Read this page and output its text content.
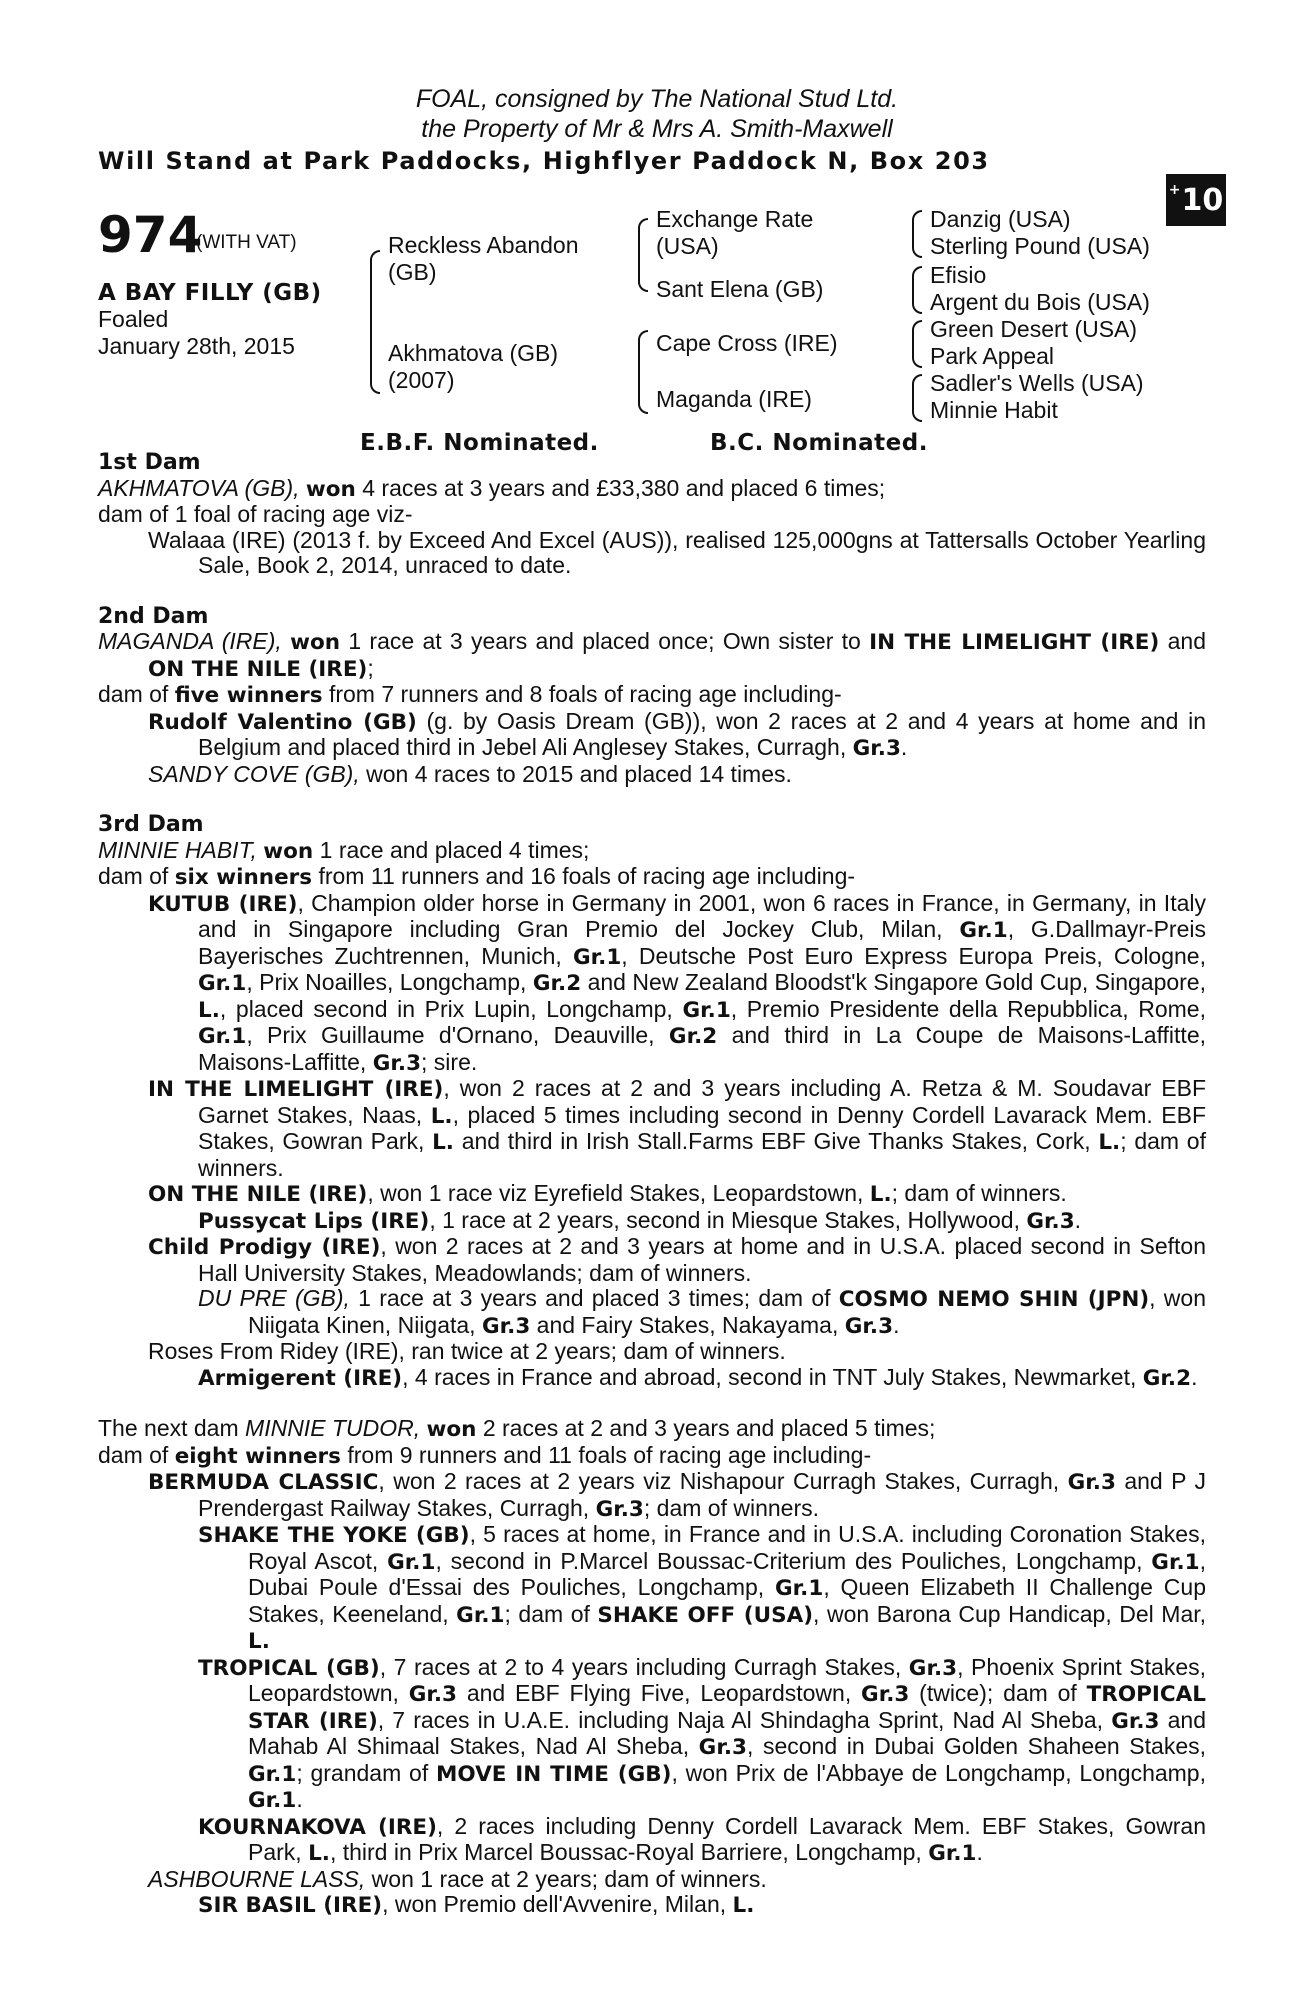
FOAL, consigned by The National Stud Ltd.
the Property of Mr & Mrs A. Smith-Maxwell
Will Stand at Park Paddocks, Highflyer Paddock N, Box 203
+ 10
974
(WITH VAT)
A BAY FILLY (GB)
Foaled
January 28th, 2015
Reckless Abandon
(GB)
Akhmatova (GB)
(2007)
Exchange Rate
(USA)
Sant Elena (GB)
Cape Cross (IRE)
Maganda (IRE)
Danzig (USA)
Sterling Pound (USA)
Efisio
Argent du Bois (USA)
Green Desert (USA)
Park Appeal
Sadler's Wells (USA)
Minnie Habit
E.B.F. Nominated.	B.C. Nominated.

1st Dam

AKHMATOVA (GB), won 4 races at 3 years and £33,380 and placed 6 times;

dam of 1 foal of racing age viz-

Walaaa (IRE) (2013 f. by Exceed And Excel (AUS)), realised 125,000gns at Tattersalls October Yearling Sale, Book 2, 2014, unraced to date.

2nd Dam

MAGANDA (IRE), won 1 race at 3 years and placed once; Own sister to IN THE LIMELIGHT (IRE) and ON THE NILE (IRE);

dam of five winners from 7 runners and 8 foals of racing age including-

Rudolf Valentino (GB) (g. by Oasis Dream (GB)), won 2 races at 2 and 4 years at home and in Belgium and placed third in Jebel Ali Anglesey Stakes, Curragh, Gr.3.

SANDY COVE (GB), won 4 races to 2015 and placed 14 times.

3rd Dam

MINNIE HABIT, won 1 race and placed 4 times;

dam of six winners from 11 runners and 16 foals of racing age including-

KUTUB (IRE), Champion older horse in Germany in 2001, won 6 races in France, in Germany, in Italy and in Singapore including Gran Premio del Jockey Club, Milan, Gr.1, G.Dallmayr-Preis Bayerisches Zuchtrennen, Munich, Gr.1, Deutsche Post Euro Express Europa Preis, Cologne, Gr.1, Prix Noailles, Longchamp, Gr.2 and New Zealand Bloodst'k Singapore Gold Cup, Singapore, L., placed second in Prix Lupin, Longchamp, Gr.1, Premio Presidente della Repubblica, Rome, Gr.1, Prix Guillaume d'Ornano, Deauville, Gr.2 and third in La Coupe de Maisons-Laffitte, Maisons-Laffitte, Gr.3; sire.

IN THE LIMELIGHT (IRE), won 2 races at 2 and 3 years including A. Retza & M. Soudavar EBF Garnet Stakes, Naas, L., placed 5 times including second in Denny Cordell Lavarack Mem. EBF Stakes, Gowran Park, L. and third in Irish Stall.Farms EBF Give Thanks Stakes, Cork, L.; dam of winners.

ON THE NILE (IRE), won 1 race viz Eyrefield Stakes, Leopardstown, L.; dam of winners.

Pussycat Lips (IRE), 1 race at 2 years, second in Miesque Stakes, Hollywood, Gr.3.

Child Prodigy (IRE), won 2 races at 2 and 3 years at home and in U.S.A. placed second in Sefton Hall University Stakes, Meadowlands; dam of winners.

DU PRE (GB), 1 race at 3 years and placed 3 times; dam of COSMO NEMO SHIN (JPN), won Niigata Kinen, Niigata, Gr.3 and Fairy Stakes, Nakayama, Gr.3.

Roses From Ridey (IRE), ran twice at 2 years; dam of winners.

Armigerent (IRE), 4 races in France and abroad, second in TNT July Stakes, Newmarket, Gr.2.

The next dam MINNIE TUDOR, won 2 races at 2 and 3 years and placed 5 times;

dam of eight winners from 9 runners and 11 foals of racing age including-

BERMUDA CLASSIC, won 2 races at 2 years viz Nishapour Curragh Stakes, Curragh, Gr.3 and P J Prendergast Railway Stakes, Curragh, Gr.3; dam of winners.

SHAKE THE YOKE (GB), 5 races at home, in France and in U.S.A. including Coronation Stakes, Royal Ascot, Gr.1, second in P.Marcel Boussac-Criterium des Pouliches, Longchamp, Gr.1, Dubai Poule d'Essai des Pouliches, Longchamp, Gr.1, Queen Elizabeth II Challenge Cup Stakes, Keeneland, Gr.1; dam of SHAKE OFF (USA), won Barona Cup Handicap, Del Mar, L.

TROPICAL (GB), 7 races at 2 to 4 years including Curragh Stakes, Gr.3, Phoenix Sprint Stakes, Leopardstown, Gr.3 and EBF Flying Five, Leopardstown, Gr.3 (twice); dam of TROPICAL STAR (IRE), 7 races in U.A.E. including Naja Al Shindagha Sprint, Nad Al Sheba, Gr.3 and Mahab Al Shimaal Stakes, Nad Al Sheba, Gr.3, second in Dubai Golden Shaheen Stakes, Gr.1; grandam of MOVE IN TIME (GB), won Prix de l'Abbaye de Longchamp, Longchamp, Gr.1.

KOURNAKOVA (IRE), 2 races including Denny Cordell Lavarack Mem. EBF Stakes, Gowran Park, L., third in Prix Marcel Boussac-Royal Barriere, Longchamp, Gr.1.

ASHBOURNE LASS, won 1 race at 2 years; dam of winners.

SIR BASIL (IRE), won Premio dell'Avvenire, Milan, L.
